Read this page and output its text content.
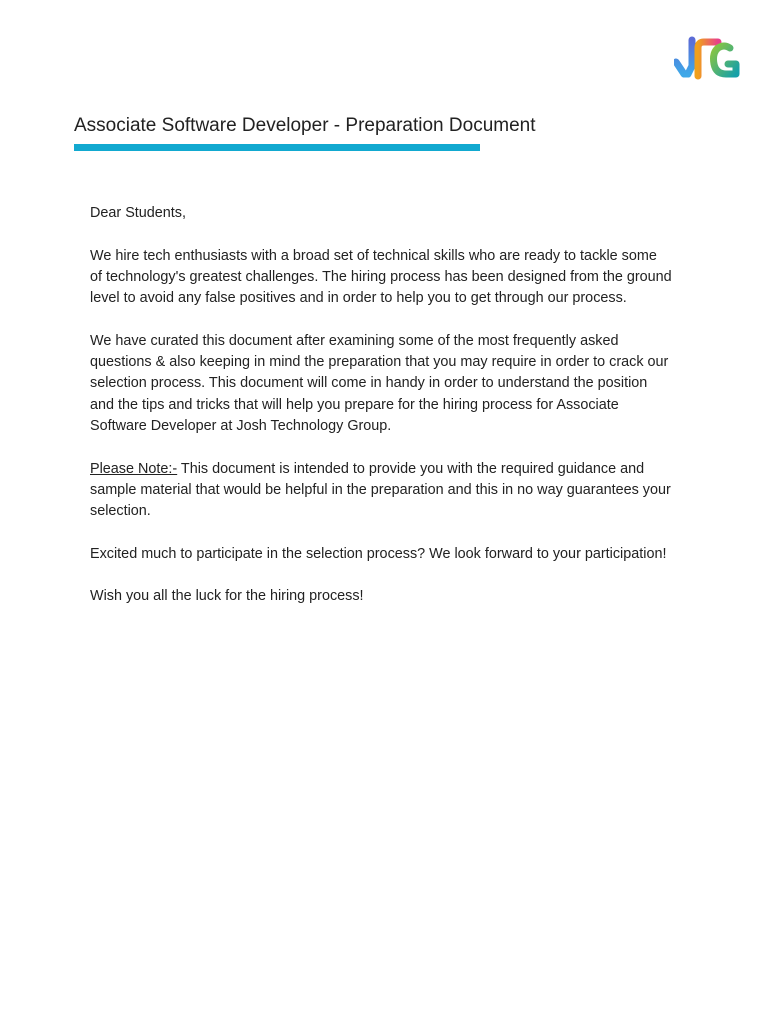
Associate Software Developer - Preparation Document

Dear Students,

We hire tech enthusiasts with a broad set of technical skills who are ready to tackle some of technology's greatest challenges. The hiring process has been designed from the ground level to avoid any false positives and in order to help you to get through our process.

We have curated this document after examining some of the most frequently asked questions & also keeping in mind the preparation that you may require in order to crack our selection process. This document will come in handy in order to understand the position and the tips and tricks that will help you prepare for the hiring process for Associate Software Developer at Josh Technology Group.

Please Note:- This document is intended to provide you with the required guidance and sample material that would be helpful in the preparation and this in no way guarantees your selection.

Excited much to participate in the selection process? We look forward to your participation!

Wish you all the luck for the hiring process!
